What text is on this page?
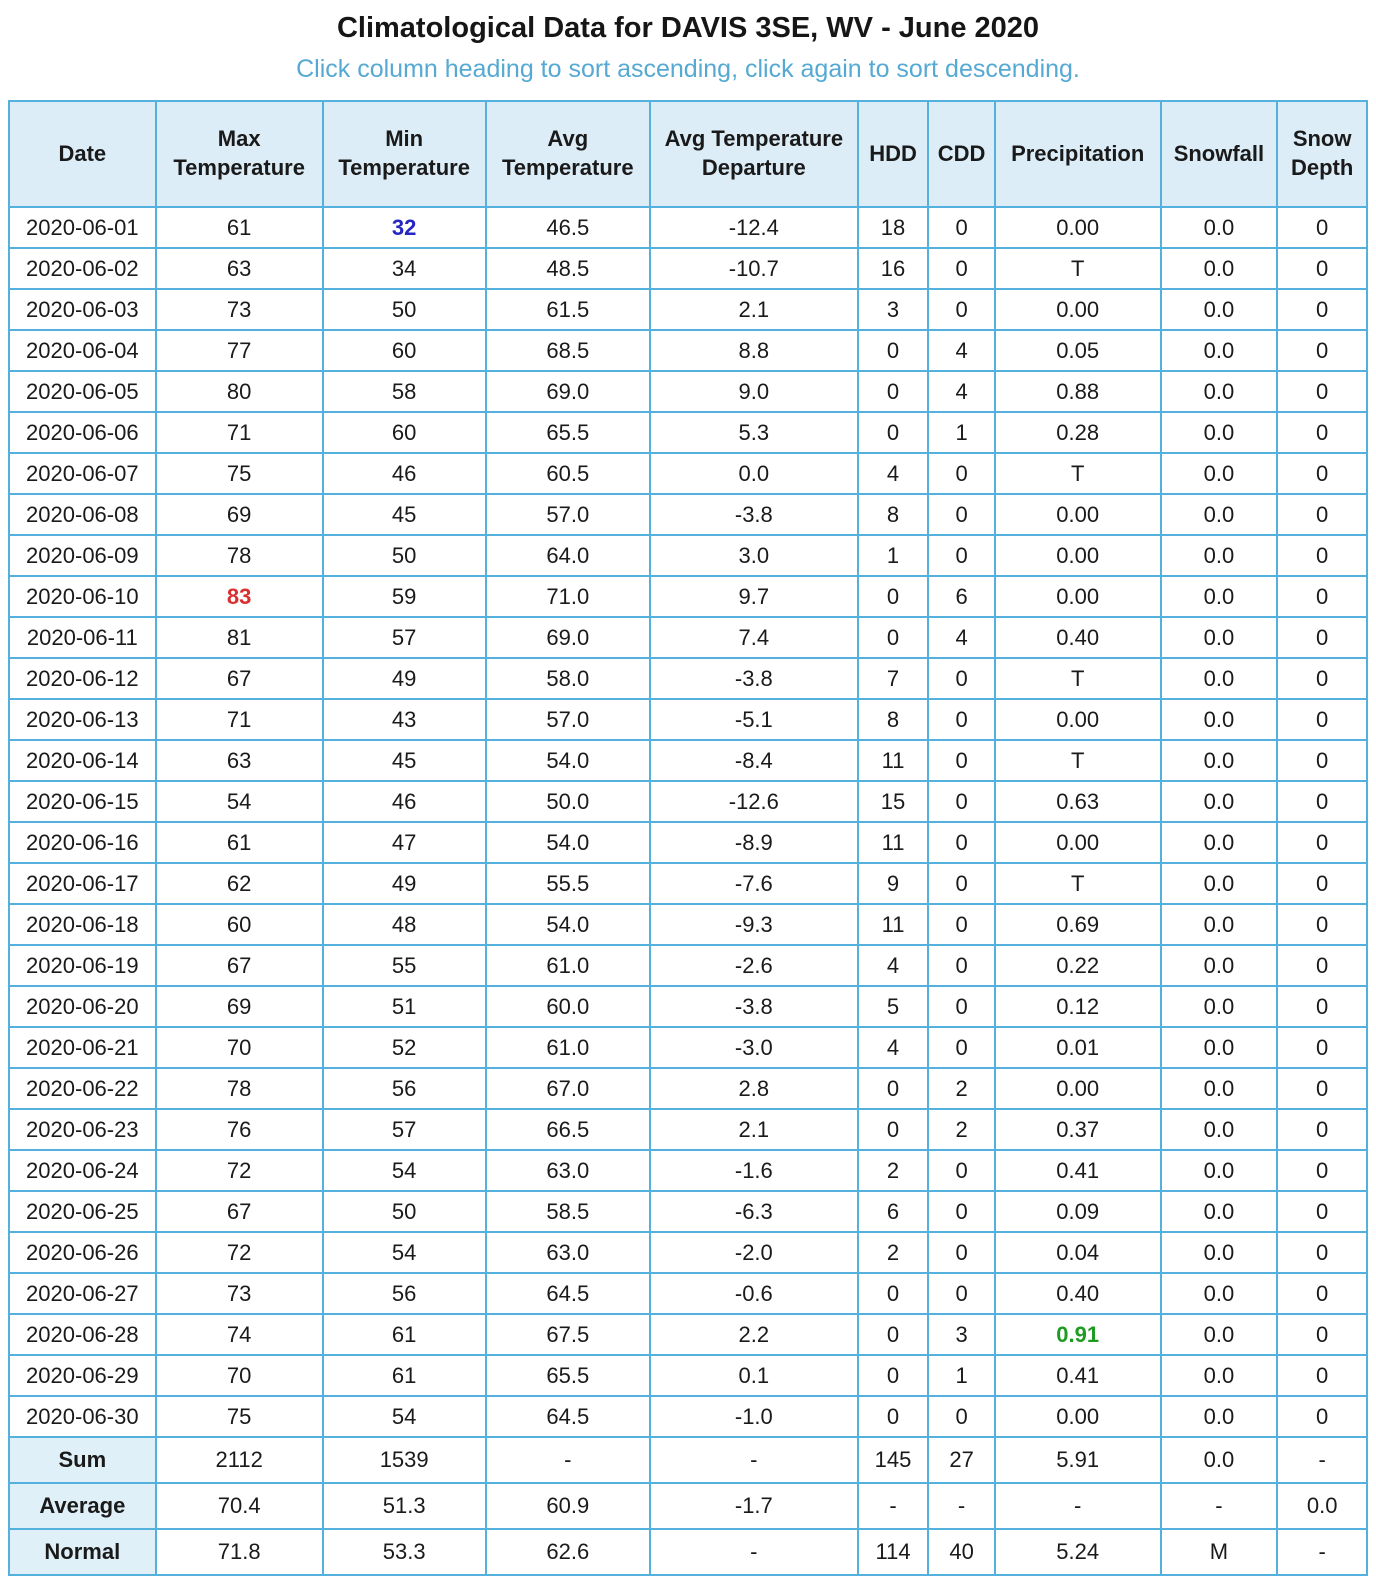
Climatological Data for DAVIS 3SE, WV - June 2020

Click column heading to sort ascending, click again to sort descending.

Date	Max Temperature	Min Temperature	Avg Temperature	Avg Temperature Departure	HDD	CDD	Precipitation	Snowfall	Snow Depth
2020-06-01	61	32	46.5	-12.4	18	0	0.00	0.0	0
2020-06-02	63	34	48.5	-10.7	16	0	T	0.0	0
2020-06-03	73	50	61.5	2.1	3	0	0.00	0.0	0
2020-06-04	77	60	68.5	8.8	0	4	0.05	0.0	0
2020-06-05	80	58	69.0	9.0	0	4	0.88	0.0	0
2020-06-06	71	60	65.5	5.3	0	1	0.28	0.0	0
2020-06-07	75	46	60.5	0.0	4	0	T	0.0	0
2020-06-08	69	45	57.0	-3.8	8	0	0.00	0.0	0
2020-06-09	78	50	64.0	3.0	1	0	0.00	0.0	0
2020-06-10	83	59	71.0	9.7	0	6	0.00	0.0	0
2020-06-11	81	57	69.0	7.4	0	4	0.40	0.0	0
2020-06-12	67	49	58.0	-3.8	7	0	T	0.0	0
2020-06-13	71	43	57.0	-5.1	8	0	0.00	0.0	0
2020-06-14	63	45	54.0	-8.4	11	0	T	0.0	0
2020-06-15	54	46	50.0	-12.6	15	0	0.63	0.0	0
2020-06-16	61	47	54.0	-8.9	11	0	0.00	0.0	0
2020-06-17	62	49	55.5	-7.6	9	0	T	0.0	0
2020-06-18	60	48	54.0	-9.3	11	0	0.69	0.0	0
2020-06-19	67	55	61.0	-2.6	4	0	0.22	0.0	0
2020-06-20	69	51	60.0	-3.8	5	0	0.12	0.0	0
2020-06-21	70	52	61.0	-3.0	4	0	0.01	0.0	0
2020-06-22	78	56	67.0	2.8	0	2	0.00	0.0	0
2020-06-23	76	57	66.5	2.1	0	2	0.37	0.0	0
2020-06-24	72	54	63.0	-1.6	2	0	0.41	0.0	0
2020-06-25	67	50	58.5	-6.3	6	0	0.09	0.0	0
2020-06-26	72	54	63.0	-2.0	2	0	0.04	0.0	0
2020-06-27	73	56	64.5	-0.6	0	0	0.40	0.0	0
2020-06-28	74	61	67.5	2.2	0	3	0.91	0.0	0
2020-06-29	70	61	65.5	0.1	0	1	0.41	0.0	0
2020-06-30	75	54	64.5	-1.0	0	0	0.00	0.0	0
Sum	2112	1539	-	-	145	27	5.91	0.0	-
Average	70.4	51.3	60.9	-1.7	-	-	-	-	0.0
Normal	71.8	53.3	62.6	-	114	40	5.24	M	-
